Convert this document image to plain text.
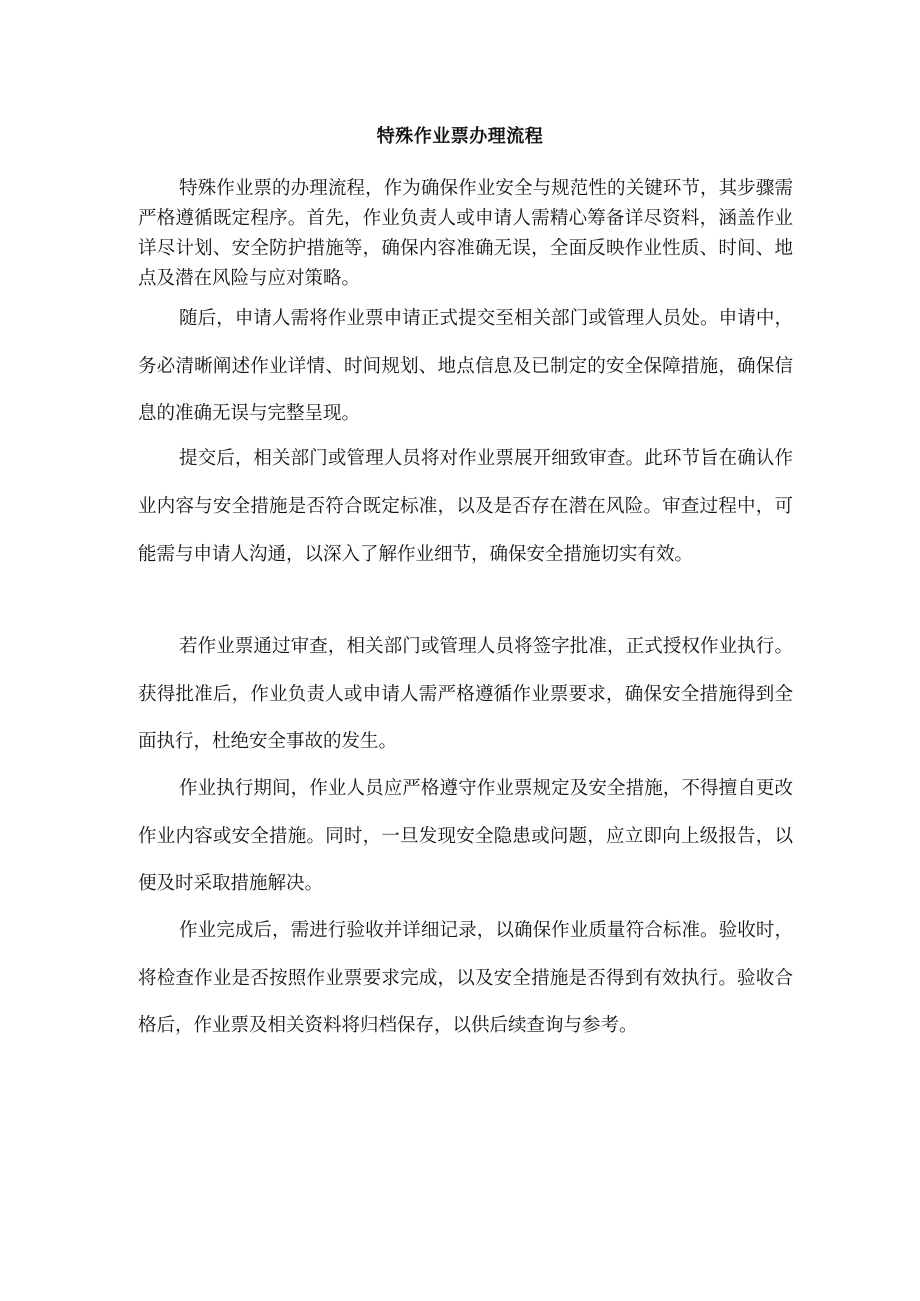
特殊作业票办理流程

特殊作业票的办理流程，作为确保作业安全与规范性的关键环节，其步骤需严格遵循既定程序。首先，作业负责人或申请人需精心筹备详尽资料，涵盖作业详尽计划、安全防护措施等，确保内容准确无误，全面反映作业性质、时间、地点及潜在风险与应对策略。

随后，申请人需将作业票申请正式提交至相关部门或管理人员处。申请中，务必清晰阐述作业详情、时间规划、地点信息及已制定的安全保障措施，确保信息的准确无误与完整呈现。

提交后，相关部门或管理人员将对作业票展开细致审查。此环节旨在确认作业内容与安全措施是否符合既定标准，以及是否存在潜在风险。审查过程中，可能需与申请人沟通，以深入了解作业细节，确保安全措施切实有效。

若作业票通过审查，相关部门或管理人员将签字批准，正式授权作业执行。获得批准后，作业负责人或申请人需严格遵循作业票要求，确保安全措施得到全面执行，杜绝安全事故的发生。

作业执行期间，作业人员应严格遵守作业票规定及安全措施，不得擅自更改作业内容或安全措施。同时，一旦发现安全隐患或问题，应立即向上级报告，以便及时采取措施解决。

作业完成后，需进行验收并详细记录，以确保作业质量符合标准。验收时，将检查作业是否按照作业票要求完成，以及安全措施是否得到有效执行。验收合格后，作业票及相关资料将归档保存，以供后续查询与参考。
